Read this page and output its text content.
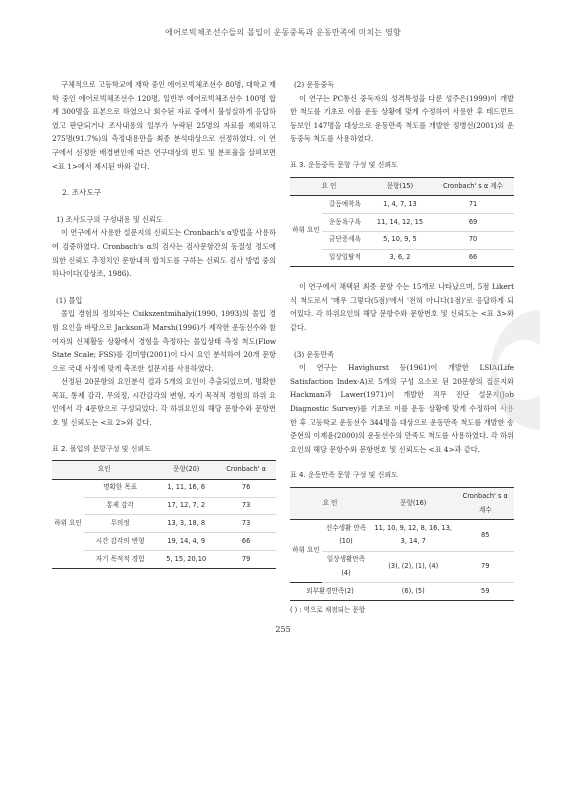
에어로빅체조선수들의 몰입이 운동중독과 운동만족에 미치는 영향

구체적으로 고등학교에 재학 중인 에어로빅체조선수 80명, 대학교 재학 중인 에어로빅체조선수 120명, 일반부 에어로빅체조선수 100명 합계 300명을 표본으로 하였으나 회수된 자료 중에서 불성실하게 응답하였고 판단되거나 조사내용의 일부가 누락된 25명의 자료를 제외하고 275명(91.7%)의 측정내용만을 최종 분석대상으로 선정하였다. 이 연구에서 선정한 배경변인에 따른 연구대상의 빈도 및 분포율을 살펴보면 <표 1>에서 제시된 바와 같다.

2. 조사도구

1) 조사도구의 구성내용 및 신뢰도

이 연구에서 사용한 설문지의 신뢰도는 Cronbach's α방법을 사용하여 검증하였다. Cronbach's α의 검사는 검사문항간의 동질성 정도에 의한 신뢰도 추정치인 문항내적 합치도를 구하는 신뢰도 검사 방법 중의 하나이다(강상조, 1986).

(1) 몰입

몰입 경험의 정의자는 Csikszentmihalyi(1990, 1993)의 몰입 경험 요인을 바탕으로 Jackson과 Marsh(1996)가 제작한 운동선수와 참여자의 신체활동 상황에서 경험을 측정하는 몰입상태 측정 척도(Flow State Scale; FSS)를 김미향(2001)이 다시 요인 분석하여 20개 문항으로 국내 사정에 맞게 축조한 설문지를 사용하였다.

선정된 20문항의 요인분석 결과 5개의 요인이 추출되었으며, 명확한 목표, 통제 감각, 무의정, 시간감각의 변형, 자기 목적적 경험의 하위 요인에서 각 4문항으로 구성되었다. 각 하위요인의 해당 문항수와 문항번호 및 신뢰도는 <표 2>와 같다.

표 2. 몰입의 문항구성 및 신뢰도

요인		문항(20)	Cronbach' α
하위 요인	명확한 목표	1, 11, 16, 6	76
	통제 감각	17, 12, 7, 2	73
	무의정	13, 3, 18, 8	73
	시간 감각의 변형	19, 14, 4, 9	66
	자기 목적적 경험	5, 15, 20,10	79

(2) 운동중독

이 연구는 PC통신 중독자의 성격특성을 다룬 성주은(1999)이 개발한 척도를 기초로 이를 운동 상황에 맞게 수정하여 사용한 후 테드먼트 등보인 147명을 대상으로 운동만족 척도를 개발한 정병선(2001)의 운동중독 척도를 사용하였다.

표 3. 운동중독 문항 구성 및 신뢰도

요 인		문항(15)	Cronbach' s α 계수
하위 요인	갈등예착욕	1, 4, 7, 13	71
	운동욕구욕	11, 14, 12, 15	69
	금단증세욕	5, 10, 9, 5	70
	일상일탈적	3, 6, 2	66

이 연구에서 채택된 최종 문항 수는 15개로 나타났으며, 5점 Likert식 척도로서 '매우 그렇다(5점)'에서 '전혀 아니다(1점)'로 응답하게 되어있다. 각 하위요인의 해당 문항수와 문항번호 및 신뢰도는 <표 3>와 같다.

(3) 운동만족

이 연구는 Havighurst 등(1961)이 개발한 LSIA(Life Satisfaction Index-A)로 5개의 구성 요소로 된 20문항의 질문지와 Hackman과 Lawer(1971)이 개발한 직무 진단 설문지(Job Diagnostic Survey)를 기초로 이를 운동 상황에 맞게 수정하여 사용한 후 고등학교 운동선수 344명을 대상으로 운동만족 척도를 개발한 송준현의 이제윤(2000)의 운동선수의 만족도 척도를 사용하였다. 각 하위요인의 해당 문항수와 문항번호 및 신뢰도는 <표 4>과 같다.

표 4. 운동만족 문항 구성 및 신뢰도

요 인		문항(16)	Cronbach' s α 계수
하위 요인	선수생활 만족(10)	11, 10, 9, 12, 8, 16, 13, 3, 14, 7	85
	일상생활만족(4)	(3), (2), (1), (4)	79
외부환경만족(2)		(6), (5)	59
( ) : 역으로 채점되는 문항
255
